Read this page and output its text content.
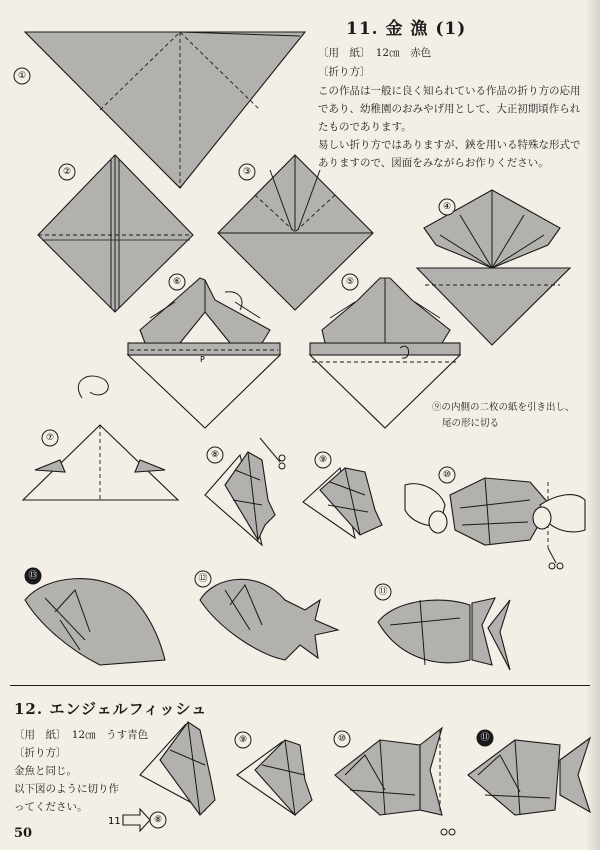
11. 金 漁 (1)
〔用　紙〕　12㎝　赤色
〔折り方〕
この作品は一般に良く知られている作品の折り方の応用
であり、幼稚園のおみやげ用として、大正初期頃作られ
たものであります。
易しい折り方ではありますが、鋏を用いる特殊な形式で
ありますので、図面をみながらお作りください。
⑨の内側の二枚の紙を引き出し、
尾の形に切る
①
②	③
④
P
⑥	⑤
⑦
⑧	⑨
⑩
⑬	⑫
⑪
⑨	⑩	⑪
11	⑧
12. エンジェルフィッシュ
〔用　紙〕　12㎝　うす青色
〔折り方〕
金魚と同じ。
以下図のように切り作
ってください。
50
